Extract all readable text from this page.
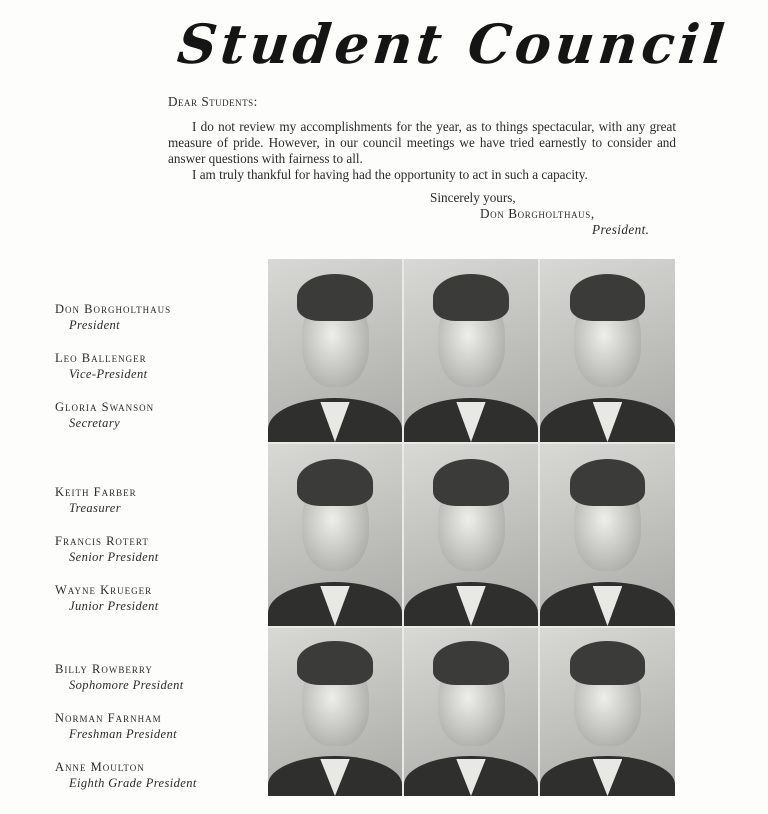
Student Council
Dear Students:

I do not review my accomplishments for the year, as to things spectacular, with any great measure of pride. However, in our council meetings we have tried earnestly to consider and answer questions with fairness to all.

I am truly thankful for having had the opportunity to act in such a capacity.

Sincerely yours,
Don Borgholthaus,
President.
Don Borgholthaus
President
Leo Ballenger
Vice-President
Gloria Swanson
Secretary
Keith Farber
Treasurer
Francis Rotert
Senior President
Wayne Krueger
Junior President
Billy Rowberry
Sophomore President
Norman Farnham
Freshman President
Anne Moulton
Eighth Grade President
